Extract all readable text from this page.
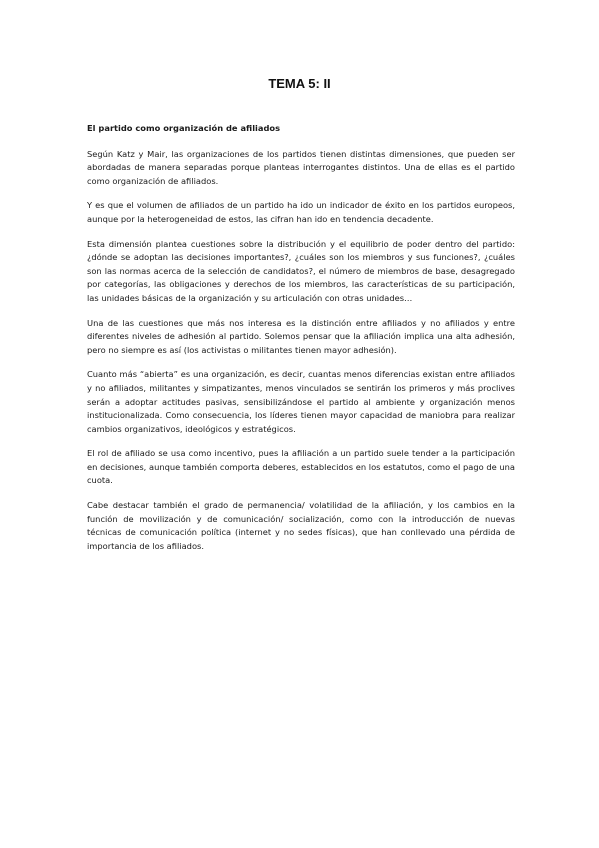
TEMA 5: II

El partido como organización de afiliados

Según Katz y Mair, las organizaciones de los partidos tienen distintas dimensiones, que pueden ser abordadas de manera separadas porque planteas interrogantes distintos. Una de ellas es el partido como organización de afiliados.

Y es que el volumen de afiliados de un partido ha ido un indicador de éxito en los partidos europeos, aunque por la heterogeneidad de estos, las cifran han ido en tendencia decadente.

Esta dimensión plantea cuestiones sobre la distribución y el equilibrio de poder dentro del partido: ¿dónde se adoptan las decisiones importantes?, ¿cuáles son los miembros y sus funciones?, ¿cuáles son las normas acerca de la selección de candidatos?, el número de miembros de base, desagregado por categorías, las obligaciones y derechos de los miembros, las características de su participación, las unidades básicas de la organización y su articulación con otras unidades…

Una de las cuestiones que más nos interesa es la distinción entre afiliados y no afiliados y entre diferentes niveles de adhesión al partido. Solemos pensar que la afiliación implica una alta adhesión, pero no siempre es así (los activistas o militantes tienen mayor adhesión).

Cuanto más “abierta” es una organización, es decir, cuantas menos diferencias existan entre afiliados y no afiliados, militantes y simpatizantes, menos vinculados se sentirán los primeros y más proclives serán a adoptar actitudes pasivas, sensibilizándose el partido al ambiente y organización menos institucionalizada. Como consecuencia, los líderes tienen mayor capacidad de maniobra para realizar cambios organizativos, ideológicos y estratégicos.

El rol de afiliado se usa como incentivo, pues la afiliación a un partido suele tender a la participación en decisiones, aunque también comporta deberes, establecidos en los estatutos, como el pago de una cuota.

Cabe destacar también el grado de permanencia/ volatilidad de la afiliación, y los cambios en la función de movilización y de comunicación/ socialización, como con la introducción de nuevas técnicas de comunicación política (internet y no sedes físicas), que han conllevado una pérdida de importancia de los afiliados.
